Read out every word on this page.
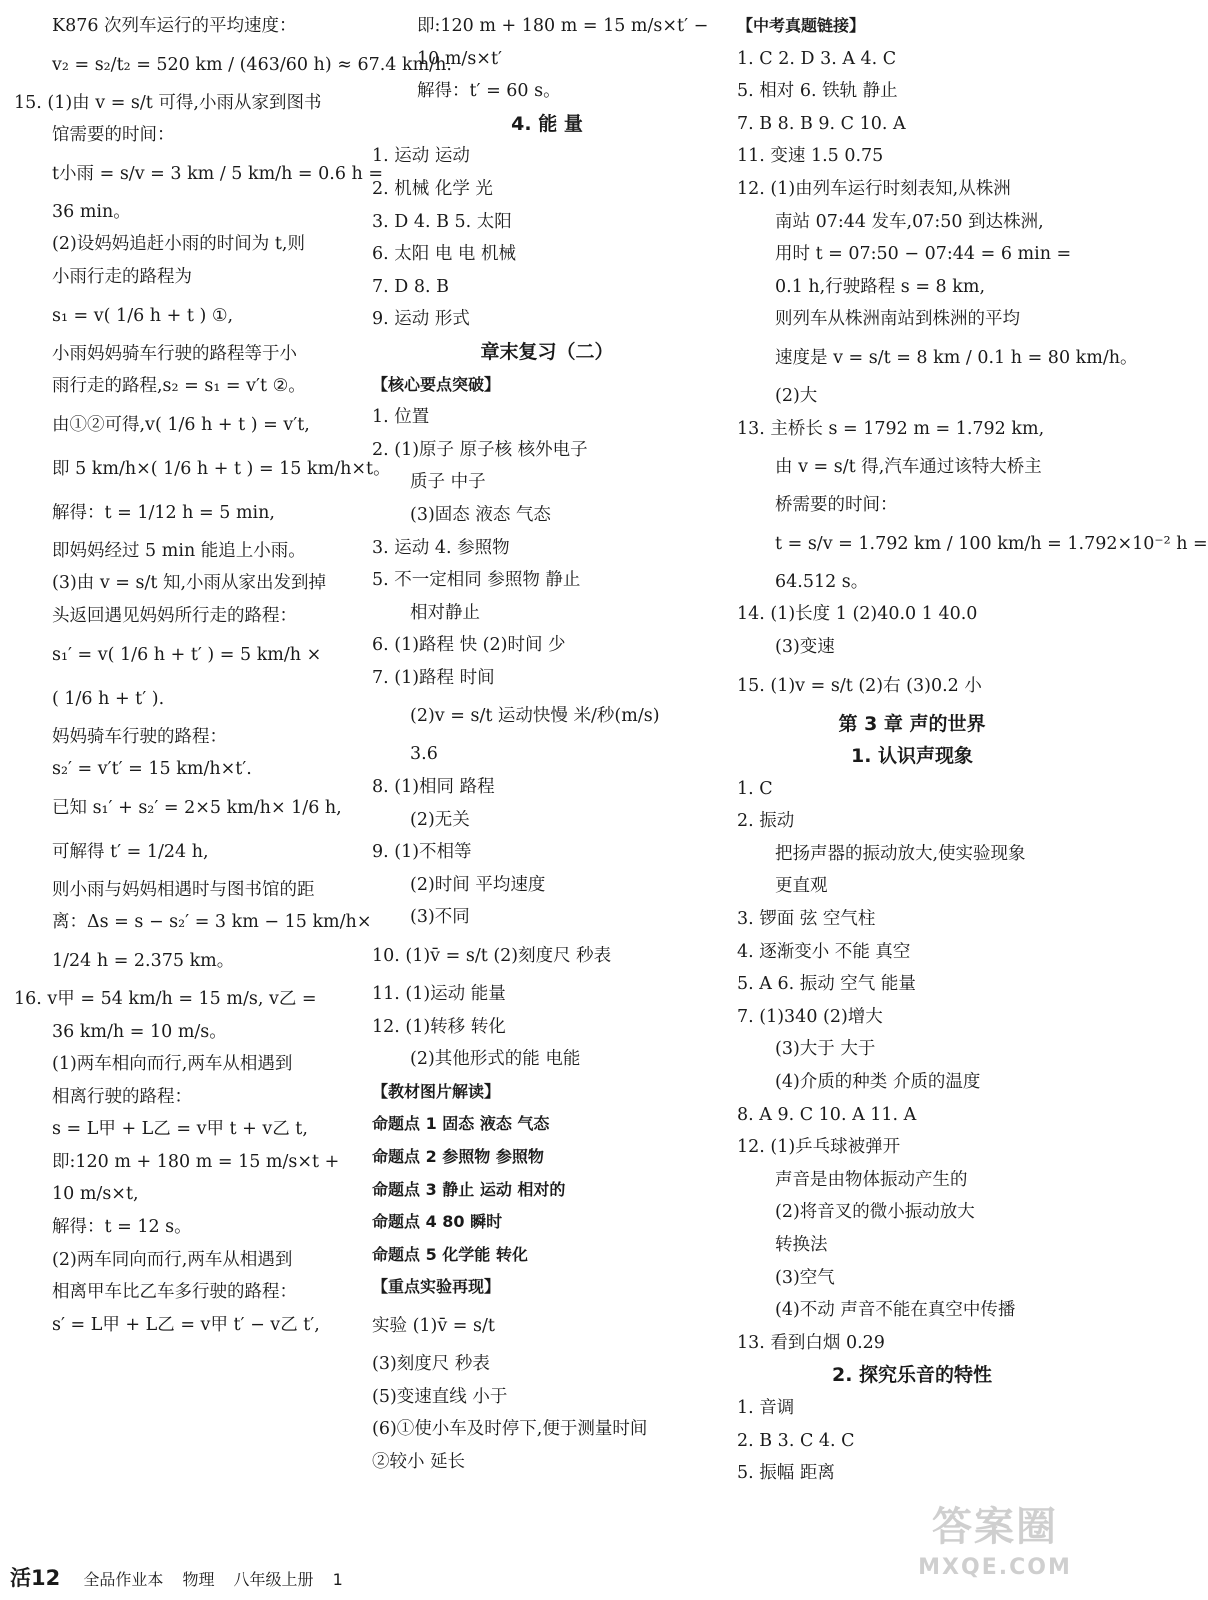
K876 次列车运行的平均速度：
v₂ = s₂/t₂ = 520 km / (463/60 h) ≈ 67.4 km/h.
15. (1)由 v = s/t 可得,小雨从家到图书
馆需要的时间：
t小雨 = s/v = 3 km / 5 km/h = 0.6 h =
36 min。
(2)设妈妈追赶小雨的时间为 t,则
小雨行走的路程为
s₁ = v( 1/6 h + t ) ①,
小雨妈妈骑车行驶的路程等于小
雨行走的路程,s₂ = s₁ = v′t ②。
由①②可得,v( 1/6 h + t ) = v′t,
即 5 km/h×( 1/6 h + t ) = 15 km/h×t。
解得：t = 1/12 h = 5 min,
即妈妈经过 5 min 能追上小雨。
(3)由 v = s/t 知,小雨从家出发到掉
头返回遇见妈妈所行走的路程：
s₁′ = v( 1/6 h + t′ ) = 5 km/h ×
( 1/6 h + t′ ).
妈妈骑车行驶的路程：
s₂′ = v′t′ = 15 km/h×t′.
已知 s₁′ + s₂′ = 2×5 km/h× 1/6 h,
可解得 t′ = 1/24 h,
则小雨与妈妈相遇时与图书馆的距
离：Δs = s − s₂′ = 3 km − 15 km/h×
1/24 h = 2.375 km。
16. v甲 = 54 km/h = 15 m/s, v乙 =
36 km/h = 10 m/s。
(1)两车相向而行,两车从相遇到
相离行驶的路程：
s = L甲 + L乙 = v甲 t + v乙 t,
即:120 m + 180 m = 15 m/s×t +
10 m/s×t,
解得：t = 12 s。
(2)两车同向而行,两车从相遇到
相离甲车比乙车多行驶的路程：
s′ = L甲 + L乙 = v甲 t′ − v乙 t′,
即:120 m + 180 m = 15 m/s×t′ −
10 m/s×t′
解得：t′ = 60 s。
4. 能 量
1. 运动 运动
2. 机械 化学 光
3. D 4. B 5. 太阳
6. 太阳 电 电 机械
7. D 8. B
9. 运动 形式
章末复习（二）
【核心要点突破】
1. 位置
2. (1)原子 原子核 核外电子
质子 中子
(3)固态 液态 气态
3. 运动 4. 参照物
5. 不一定相同 参照物 静止
相对静止
6. (1)路程 快 (2)时间 少
7. (1)路程 时间
(2)v = s/t 运动快慢 米/秒(m/s)
3.6
8. (1)相同 路程
(2)无关
9. (1)不相等
(2)时间 平均速度
(3)不同
10. (1)v̄ = s/t (2)刻度尺 秒表
11. (1)运动 能量
12. (1)转移 转化
(2)其他形式的能 电能
【教材图片解读】
命题点 1 固态 液态 气态
命题点 2 参照物 参照物
命题点 3 静止 运动 相对的
命题点 4 80 瞬时
命题点 5 化学能 转化
【重点实验再现】
实验 (1)v̄ = s/t
(3)刻度尺 秒表
(5)变速直线 小于
(6)①使小车及时停下,便于测量时间
②较小 延长
【中考真题链接】
1. C 2. D 3. A 4. C
5. 相对 6. 铁轨 静止
7. B 8. B 9. C 10. A
11. 变速 1.5 0.75
12. (1)由列车运行时刻表知,从株洲
南站 07:44 发车,07:50 到达株洲,
用时 t = 07:50 − 07:44 = 6 min =
0.1 h,行驶路程 s = 8 km,
则列车从株洲南站到株洲的平均
速度是 v = s/t = 8 km / 0.1 h = 80 km/h。
(2)大
13. 主桥长 s = 1792 m = 1.792 km,
由 v = s/t 得,汽车通过该特大桥主
桥需要的时间：
t = s/v = 1.792 km / 100 km/h = 1.792×10⁻² h =
64.512 s。
14. (1)长度 1 (2)40.0 1 40.0
(3)变速
15. (1)v = s/t (2)右 (3)0.2 小
第 3 章 声的世界
1. 认识声现象
1. C
2. 振动
把扬声器的振动放大,使实验现象
更直观
3. 锣面 弦 空气柱
4. 逐渐变小 不能 真空
5. A 6. 振动 空气 能量
7. (1)340 (2)增大
(3)大于 大于
(4)介质的种类 介质的温度
8. A 9. C 10. A 11. A
12. (1)乒乓球被弹开
声音是由物体振动产生的
(2)将音叉的微小振动放大
转换法
(3)空气
(4)不动 声音不能在真空中传播
13. 看到白烟 0.29
2. 探究乐音的特性
1. 音调
2. B 3. C 4. C
5. 振幅 距离
活12 全品作业本 物理 八年级上册 1
答案圈
MXQE.COM
